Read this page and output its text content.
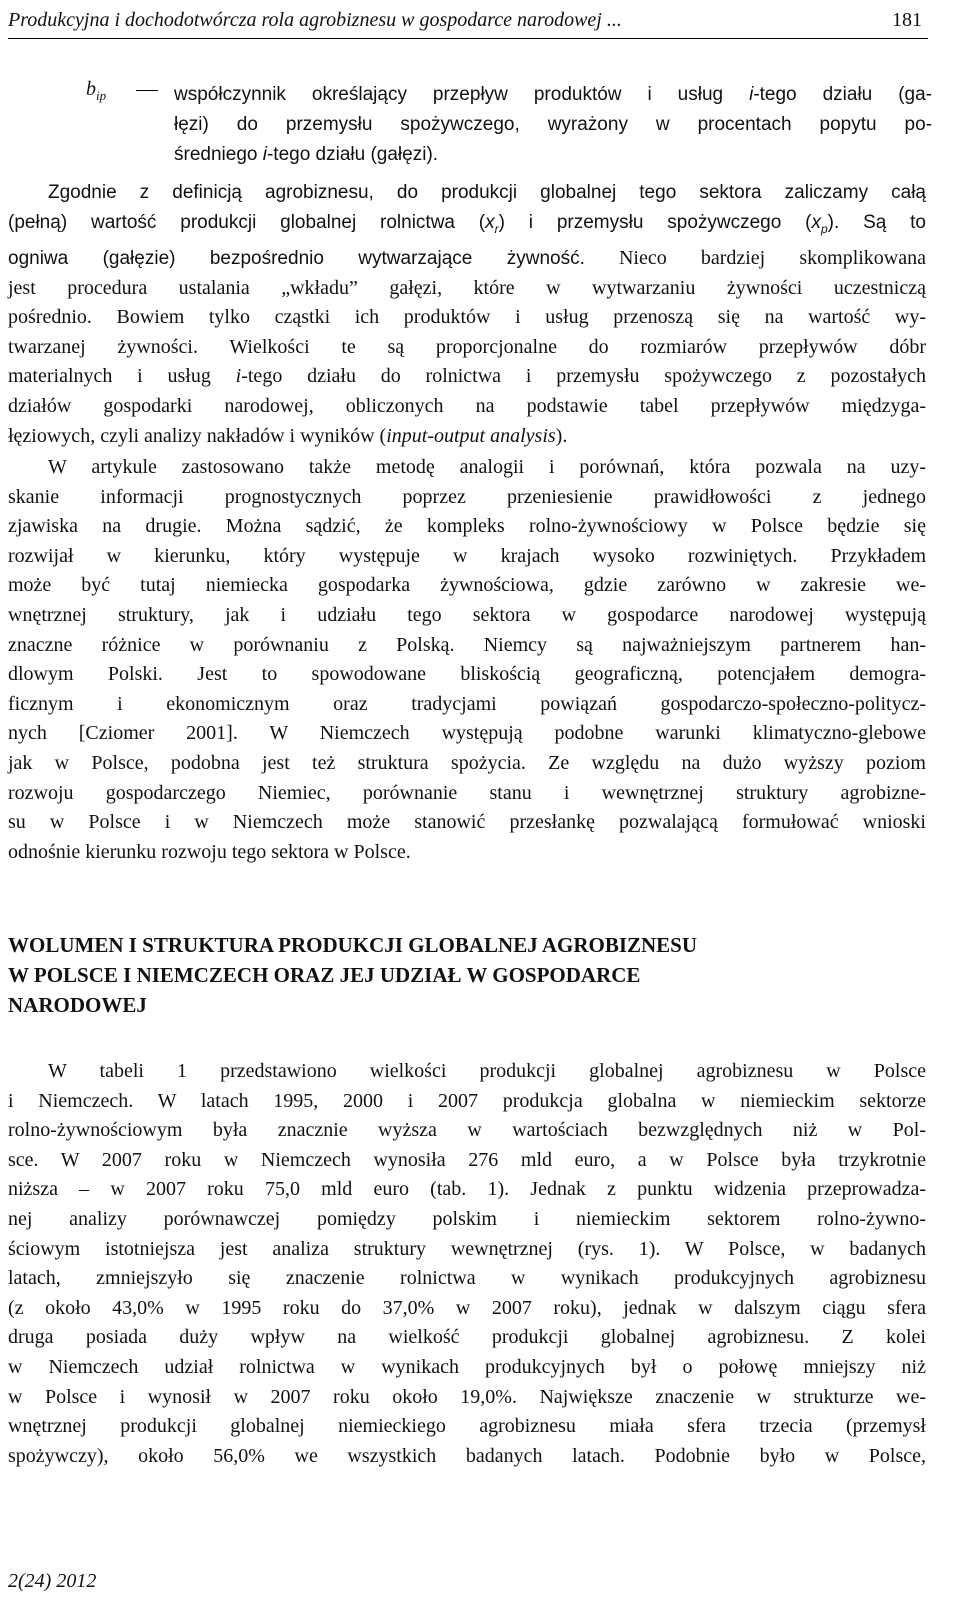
Produkcyjna i dochodotwórcza rola agrobiznesu w gospodarce narodowej ...	181
$b_{ip}$	współczynnik określający przepływ produktów i usług i-tego działu (ga-
łęzi) do przemysłu spożywczego, wyrażony w procentach popytu po-
średniego i-tego działu (gałęzi).
Zgodnie z definicją agrobiznesu, do produkcji globalnej tego sektora zaliczamy całą
(pełną) wartość produkcji globalnej rolnictwa $(x_r)$ i przemysłu spożywczego $(x_p)$. Są to
ogniwa (gałęzie) bezpośrednio wytwarzające żywność. Nieco bardziej skomplikowana
jest procedura ustalania „wkładu” gałęzi, które w wytwarzaniu żywności uczestniczą
pośrednio. Bowiem tylko cząstki ich produktów i usług przenoszą się na wartość wy-
twarzanej żywności. Wielkości te są proporcjonalne do rozmiarów przepływów dóbr
materialnych i usług i-tego działu do rolnictwa i przemysłu spożywczego z pozostałych
działów gospodarki narodowej, obliczonych na podstawie tabel przepływów międzyga-
łęziowych, czyli analizy nakładów i wyników (input-output analysis).
W artykule zastosowano także metodę analogii i porównań, która pozwala na uzy-
skanie informacji prognostycznych poprzez przeniesienie prawidłowości z jednego
zjawiska na drugie. Można sądzić, że kompleks rolno-żywnościowy w Polsce będzie się
rozwijał w kierunku, który występuje w krajach wysoko rozwiniętych. Przykładem
może być tutaj niemiecka gospodarka żywnościowa, gdzie zarówno w zakresie we-
wnętrznej struktury, jak i udziału tego sektora w gospodarce narodowej występują
znaczne różnice w porównaniu z Polską. Niemcy są najważniejszym partnerem han-
dlowym Polski. Jest to spowodowane bliskością geograficzną, potencjałem demogra-
ficznym i ekonomicznym oraz tradycjami powiązań gospodarczo-społeczno-politycz-
nych [Cziomer 2001]. W Niemczech występują podobne warunki klimatyczno-glebowe
jak w Polsce, podobna jest też struktura spożycia. Ze względu na dużo wyższy poziom
rozwoju gospodarczego Niemiec, porównanie stanu i wewnętrznej struktury agrobizne-
su w Polsce i w Niemczech może stanowić przesłankę pozwalającą formułować wnioski
odnośnie kierunku rozwoju tego sektora w Polsce.
WOLUMEN I STRUKTURA PRODUKCJI GLOBALNEJ AGROBIZNESU
W POLSCE I NIEMCZECH ORAZ JEJ UDZIAŁ W GOSPODARCE
NARODOWEJ
W tabeli 1 przedstawiono wielkości produkcji globalnej agrobiznesu w Polsce
i Niemczech. W latach 1995, 2000 i 2007 produkcja globalna w niemieckim sektorze
rolno-żywnościowym była znacznie wyższa w wartościach bezwzględnych niż w Pol-
sce. W 2007 roku w Niemczech wynosiła 276 mld euro, a w Polsce była trzykrotnie
niższa – w 2007 roku 75,0 mld euro (tab. 1). Jednak z punktu widzenia przeprowadza-
nej analizy porównawczej pomiędzy polskim i niemieckim sektorem rolno-żywno-
ściowym istotniejsza jest analiza struktury wewnętrznej (rys. 1). W Polsce, w badanych
latach, zmniejszyło się znaczenie rolnictwa w wynikach produkcyjnych agrobiznesu
(z około 43,0% w 1995 roku do 37,0% w 2007 roku), jednak w dalszym ciągu sfera
druga posiada duży wpływ na wielkość produkcji globalnej agrobiznesu. Z kolei
w Niemczech udział rolnictwa w wynikach produkcyjnych był o połowę mniejszy niż
w Polsce i wynosił w 2007 roku około 19,0%. Największe znaczenie w strukturze we-
wnętrznej produkcji globalnej niemieckiego agrobiznesu miała sfera trzecia (przemysł
spożywczy), około 56,0% we wszystkich badanych latach. Podobnie było w Polsce,
2(24) 2012
